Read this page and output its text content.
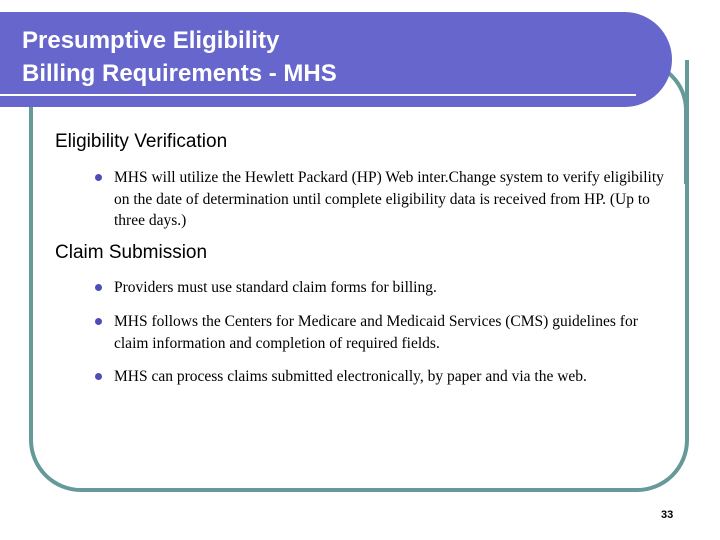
Presumptive Eligibility
Billing Requirements - MHS
Eligibility Verification
MHS will utilize the Hewlett Packard (HP) Web inter.Change system to verify eligibility on the date of determination until complete eligibility data is received from HP. (Up to three days.)
Claim Submission
Providers must use standard claim forms for billing.
MHS follows the Centers for Medicare and Medicaid Services (CMS) guidelines for claim information and completion of required fields.
MHS can process claims submitted electronically, by paper and via the web.
33
